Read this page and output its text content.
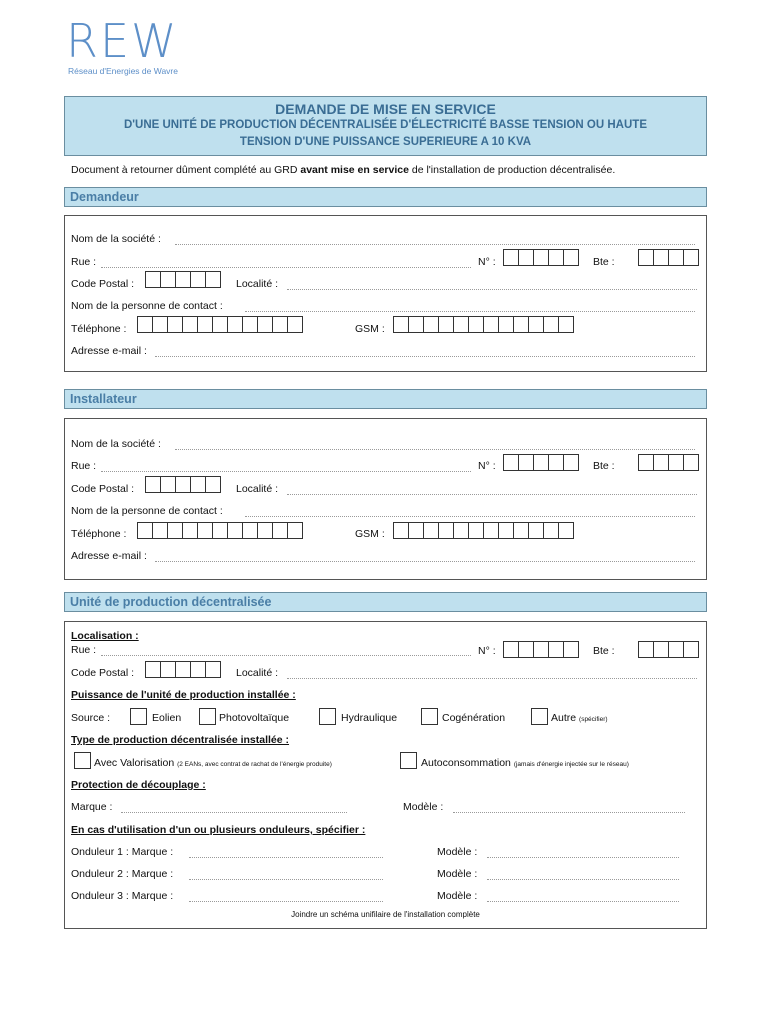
REW
Réseau d'Energies de Wavre
DEMANDE DE MISE EN SERVICE
D'UNE UNITÉ DE PRODUCTION DÉCENTRALISÉE D'ÉLECTRICITÉ BASSE TENSION OU HAUTE
TENSION D'UNE PUISSANCE SUPERIEURE A 10 KVA
Document à retourner dûment complété au GRD avant mise en service de l'installation de production décentralisée.
Demandeur
Nom de la société :
Rue :	N° :	Bte :
Code Postal :	Localité :
Nom de la personne de contact :
Téléphone :	GSM :
Adresse e-mail :
Installateur
Nom de la société :
Rue :	N° :	Bte :
Code Postal :	Localité :
Nom de la personne de contact :
Téléphone :	GSM :
Adresse e-mail :
Unité de production décentralisée
Localisation :
Rue :	N° :	Bte :
Code Postal :	Localité :
Puissance de l'unité de production installée :
Source :	Eolien	Photovoltaïque	Hydraulique	Cogénération	Autre (spécifier)
Type de production décentralisée installée :
Avec Valorisation (2 EANs, avec contrat de rachat de l'énergie produite)	Autoconsommation (jamais d'énergie injectée sur le réseau)
Protection de découplage :
Marque :	Modèle :
En cas d'utilisation d'un ou plusieurs onduleurs, spécifier :
Onduleur 1 : Marque :	Modèle :
Onduleur 2 : Marque :	Modèle :
Onduleur 3 : Marque :	Modèle :
Joindre un schéma unifilaire de l'installation complète
